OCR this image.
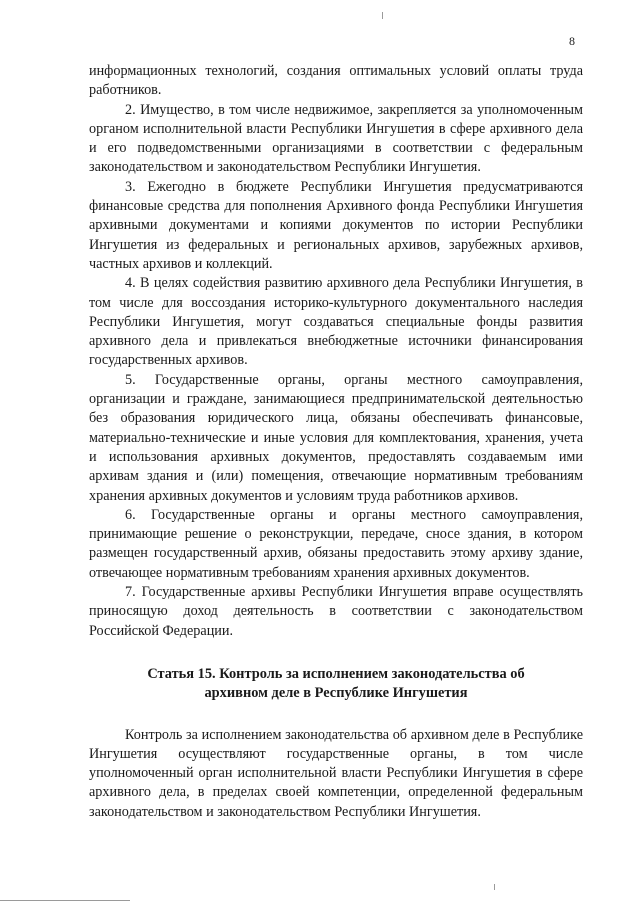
8

информационных технологий, создания оптимальных условий оплаты труда работников.

2. Имущество, в том числе недвижимое, закрепляется за уполномоченным органом исполнительной власти Республики Ингушетия в сфере архивного дела и его подведомственными организациями в соответствии с федеральным законодательством и законодательством Республики Ингушетия.

3. Ежегодно в бюджете Республики Ингушетия предусматриваются финансовые средства для пополнения Архивного фонда Республики Ингушетия архивными документами и копиями документов по истории Республики Ингушетия из федеральных и региональных архивов, зарубежных архивов, частных архивов и коллекций.

4. В целях содействия развитию архивного дела Республики Ингушетия, в том числе для воссоздания историко-культурного документального наследия Республики Ингушетия, могут создаваться специальные фонды развития архивного дела и привлекаться внебюджетные источники финансирования государственных архивов.

5. Государственные органы, органы местного самоуправления, организации и граждане, занимающиеся предпринимательской деятельностью без образования юридического лица, обязаны обеспечивать финансовые, материально-технические и иные условия для комплектования, хранения, учета и использования архивных документов, предоставлять создаваемым ими архивам здания и (или) помещения, отвечающие нормативным требованиям хранения архивных документов и условиям труда работников архивов.

6. Государственные органы и органы местного самоуправления, принимающие решение о реконструкции, передаче, сносе здания, в котором размещен государственный архив, обязаны предоставить этому архиву здание, отвечающее нормативным требованиям хранения архивных документов.

7. Государственные архивы Республики Ингушетия вправе осуществлять приносящую доход деятельность в соответствии с законодательством Российской Федерации.

Статья 15. Контроль за исполнением законодательства об
архивном деле в Республике Ингушетия

Контроль за исполнением законодательства об архивном деле в Республике Ингушетия осуществляют государственные органы, в том числе уполномоченный орган исполнительной власти Республики Ингушетия в сфере архивного дела, в пределах своей компетенции, определенной федеральным законодательством и законодательством Республики Ингушетия.
